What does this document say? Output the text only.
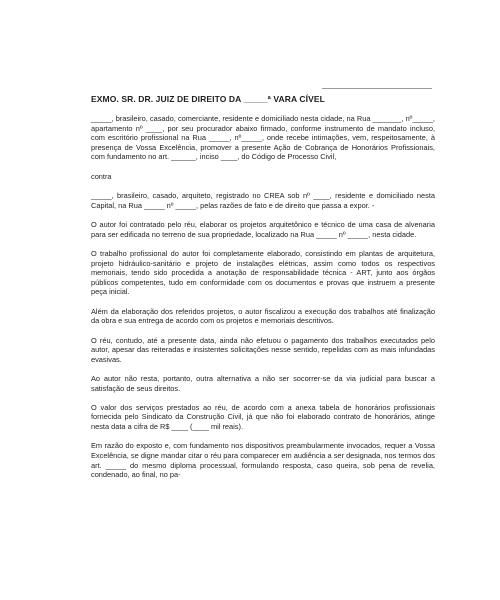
EXMO. SR. DR. JUIZ DE DIREITO DA _____ª VARA CÍVEL

_____, brasileiro, casado, comerciante, residente e domiciliado nesta cidade, na Rua _______, nº_____, apartamento nº ____, por seu procurador abaixo firmado, conforme instrumento de mandato incluso, com escritório profissional na Rua _____, nº_____, onde recebe intimações, vem, respeitosamente, à presença de Vossa Excelência, promover a presente Ação de Cobrança de Honorários Profissionais, com fundamento no art. ______, inciso ____, do Código de Processo Civil,

contra

_____, brasileiro, casado, arquiteto, registrado no CREA sob nº ____, residente e domiciliado nesta Capital, na Rua _____ nº _____, pelas razões de fato e de direito que passa a expor. -

O autor foi contratado pelo réu, elaborar os projetos arquitetônico e técnico de uma casa de alvenaria para ser edificada no terreno de sua propriedade, localizado na Rua _____ nº _____, nesta cidade.

O trabalho profissional do autor foi completamente elaborado, consistindo em plantas de arquitetura, projeto hidráulico-sanitário e projeto de instalações elétricas, assim como todos os respectivos memoriais, tendo sido procedida a anotação de responsabilidade técnica - ART, junto aos órgãos públicos competentes, tudo em conformidade com os documentos e provas que instruem a presente peça inicial.

Além da elaboração dos referidos projetos, o autor fiscalizou a execução dos trabalhos até finalização da obra e sua entrega de acordo com os projetos e memoriais descritivos.

O réu, contudo, até a presente data, ainda não efetuou o pagamento dos trabalhos executados pelo autor, apesar das reiteradas e insistentes solicitações nesse sentido, repelidas com as mais infundadas evasivas.

Ao autor não resta, portanto, outra alternativa a não ser socorrer-se da via judicial para buscar a satisfação de seus direitos.

O valor dos serviços prestados ao réu, de acordo com a anexa tabela de honorários profissionais fornecida pelo Sindicato da Construção Civil, já que não foi elaborado contrato de honorários, atinge nesta data a cifra de R$ ____ (____ mil reais).

Em razão do exposto e, com fundamento nos dispositivos preambularmente invocados, requer a Vossa Excelência, se digne mandar citar o réu para comparecer em audiência a ser designada, nos termos dos art. _____ do mesmo diploma processual, formulando resposta, caso queira, sob pena de revelia, condenado, ao final, no pa-
